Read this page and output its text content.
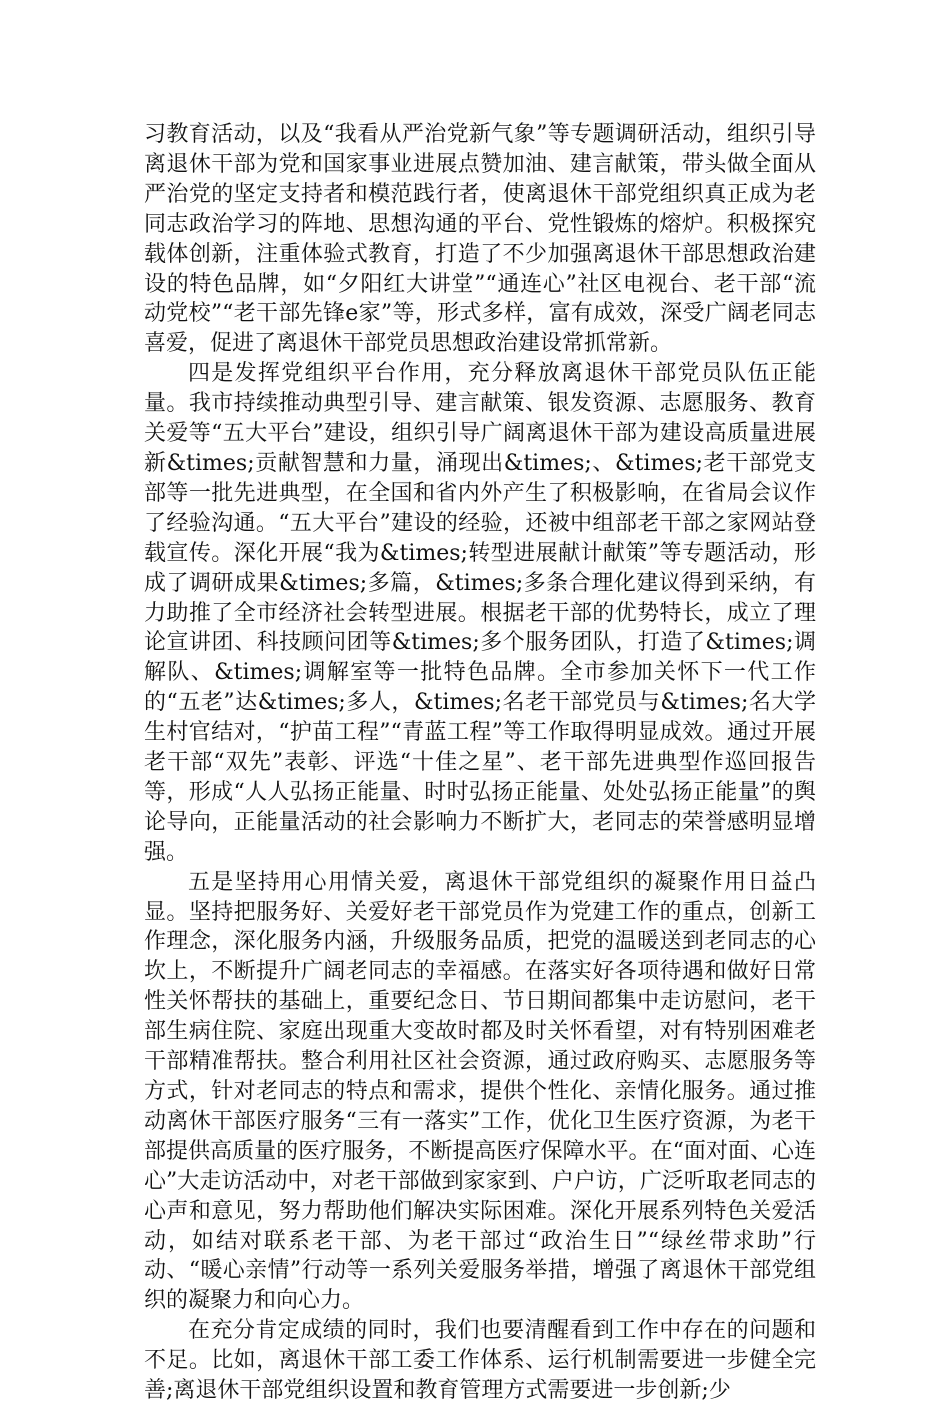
习教育活动，以及“我看从严治党新气象”等专题调研活动，组织引导离退休干部为党和国家事业进展点赞加油、建言献策，带头做全面从严治党的坚定支持者和模范践行者，使离退休干部党组织真正成为老同志政治学习的阵地、思想沟通的平台、党性锻炼的熔炉。积极探究载体创新，注重体验式教育，打造了不少加强离退休干部思想政治建设的特色品牌，如“夕阳红大讲堂”“通连心”社区电视台、老干部“流动党校”“老干部先锋e家”等，形式多样，富有成效，深受广阔老同志喜爱，促进了离退休干部党员思想政治建设常抓常新。

四是发挥党组织平台作用，充分释放离退休干部党员队伍正能量。我市持续推动典型引导、建言献策、银发资源、志愿服务、教育关爱等“五大平台”建设，组织引导广阔离退休干部为建设高质量进展新&times;贡献智慧和力量，涌现出&times;、&times;老干部党支部等一批先进典型，在全国和省内外产生了积极影响，在省局会议作了经验沟通。“五大平台”建设的经验，还被中组部老干部之家网站登载宣传。深化开展“我为&times;转型进展献计献策”等专题活动，形成了调研成果&times;多篇，&times;多条合理化建议得到采纳，有力助推了全市经济社会转型进展。根据老干部的优势特长，成立了理论宣讲团、科技顾问团等&times;多个服务团队，打造了&times;调解队、&times;调解室等一批特色品牌。全市参加关怀下一代工作的“五老”达&times;多人，&times;名老干部党员与&times;名大学生村官结对，“护苗工程”“青蓝工程”等工作取得明显成效。通过开展老干部“双先”表彰、评选“十佳之星”、老干部先进典型作巡回报告等，形成“人人弘扬正能量、时时弘扬正能量、处处弘扬正能量”的舆论导向，正能量活动的社会影响力不断扩大，老同志的荣誉感明显增强。

五是坚持用心用情关爱，离退休干部党组织的凝聚作用日益凸显。坚持把服务好、关爱好老干部党员作为党建工作的重点，创新工作理念，深化服务内涵，升级服务品质，把党的温暖送到老同志的心坎上，不断提升广阔老同志的幸福感。在落实好各项待遇和做好日常性关怀帮扶的基础上，重要纪念日、节日期间都集中走访慰问，老干部生病住院、家庭出现重大变故时都及时关怀看望，对有特别困难老干部精准帮扶。整合利用社区社会资源，通过政府购买、志愿服务等方式，针对老同志的特点和需求，提供个性化、亲情化服务。通过推动离休干部医疗服务“三有一落实”工作，优化卫生医疗资源，为老干部提供高质量的医疗服务，不断提高医疗保障水平。在“面对面、心连心”大走访活动中，对老干部做到家家到、户户访，广泛听取老同志的心声和意见，努力帮助他们解决实际困难。深化开展系列特色关爱活动，如结对联系老干部、为老干部过“政治生日”“绿丝带求助”行动、“暖心亲情”行动等一系列关爱服务举措，增强了离退休干部党组织的凝聚力和向心力。

在充分肯定成绩的同时，我们也要清醒看到工作中存在的问题和不足。比如，离退休干部工委工作体系、运行机制需要进一步健全完善;离退休干部党组织设置和教育管理方式需要进一步创新;少
